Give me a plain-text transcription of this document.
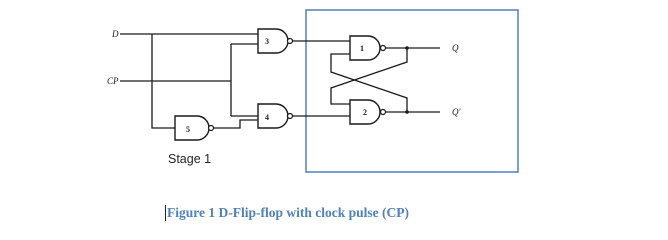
D
CP
3
4
5
1
2
Q
Q'
Stage 1
Figure 1 D-Flip-flop with clock pulse (CP)
